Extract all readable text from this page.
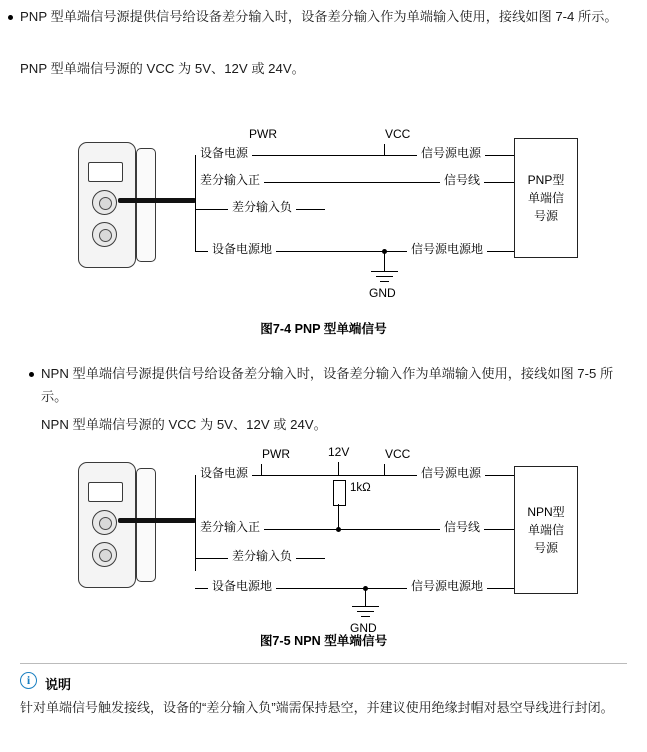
PNP 型单端信号源提供信号给设备差分输入时，设备差分输入作为单端输入使用，接线如图 7-4 所示。
PNP 型单端信号源的 VCC 为 5V、12V 或 24V。
PWR	VCC
设备电源	信号源电源
差分输入正	信号线
差分输入负
设备电源地	信号源电源地
GND
PNP型单端信号源
图7-4 PNP 型单端信号
NPN 型单端信号源提供信号给设备差分输入时，设备差分输入作为单端输入使用，接线如图 7-5 所示。
NPN 型单端信号源的 VCC 为 5V、12V 或 24V。
PWR	12V	VCC
设备电源	信号源电源
1kΩ
差分输入正	信号线
差分输入负
设备电源地	信号源电源地
GND
NPN型单端信号源
图7-5 NPN 型单端信号
i	说明
针对单端信号触发接线，设备的“差分输入负”端需保持悬空，并建议使用绝缘封帽对悬空导线进行封闭。
